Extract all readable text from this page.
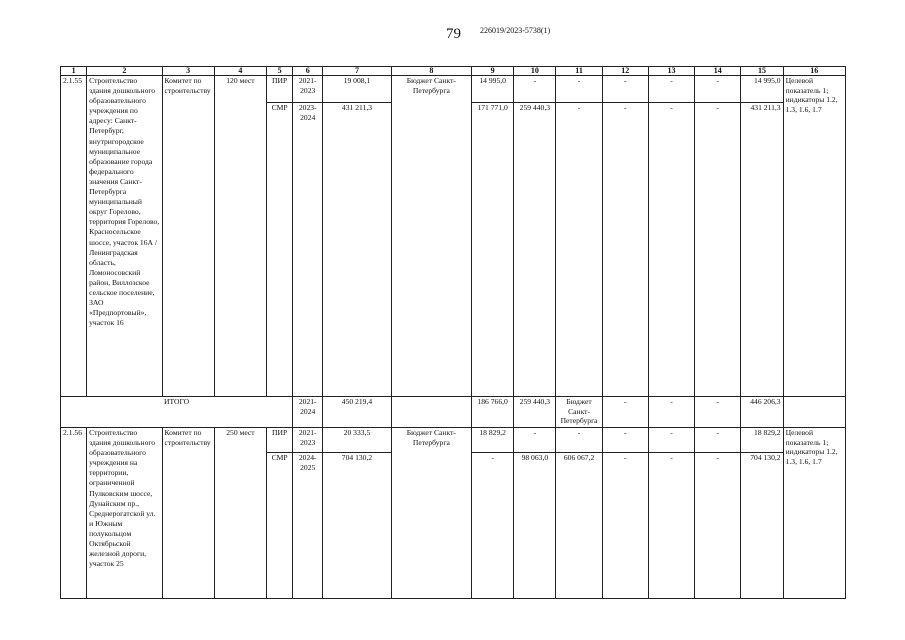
79 226019/2023-5738(1)
1	2	3	4	5	6	7	8	9	10	11	12	13	14	15	16
2.1.55	Строительство здания дошкольного образовательного учреждения по адресу: Санкт-Петербург, внутригородское муниципальное образование города федерального значения Санкт-Петербурга муниципальный округ Горелово, территория Горелово, Красносельское шоссе, участок 16А / Ленинградская область, Ломоносовский район, Виллозское сельское поселение, ЗАО «Предпортовый», участок 16	Комитет по строительству	120 мест	ПИР	2021-2023	19 008,1	Бюджет Санкт-Петербурга	14 995,0	-	-	-	-	-	14 995,0	Целевой показатель 1; индикаторы 1.2, 1.3, 1.6, 1.7
				СМР	2023-2024	431 211,3		171 771,0	259 440,3	-	-	-	-	431 211,3	
ИТОГО					2021-2024	450 219,4		186 766,0	259 440,3	Бюджет Санкт-Петербурга	-	-	-	446 206,3	
2.1.56	Строительство здания дошкольного образовательного учреждения на территории, ограниченной Пулковским шоссе, Дунайским пр., Среднерогатской ул. и Южным полукольцом Октябрьской железной дороги, участок 25	Комитет по строительству	250 мест	ПИР	2021-2023	20 333,5	Бюджет Санкт-Петербурга	18 829,2	-	-	-	-	-	18 829,2	Целевой показатель 1; индикаторы 1.2, 1.3, 1.6, 1.7
				СМР	2024-2025	704 130,2		-	98 063,0	606 067,2	-	-	-	704 130,2	
